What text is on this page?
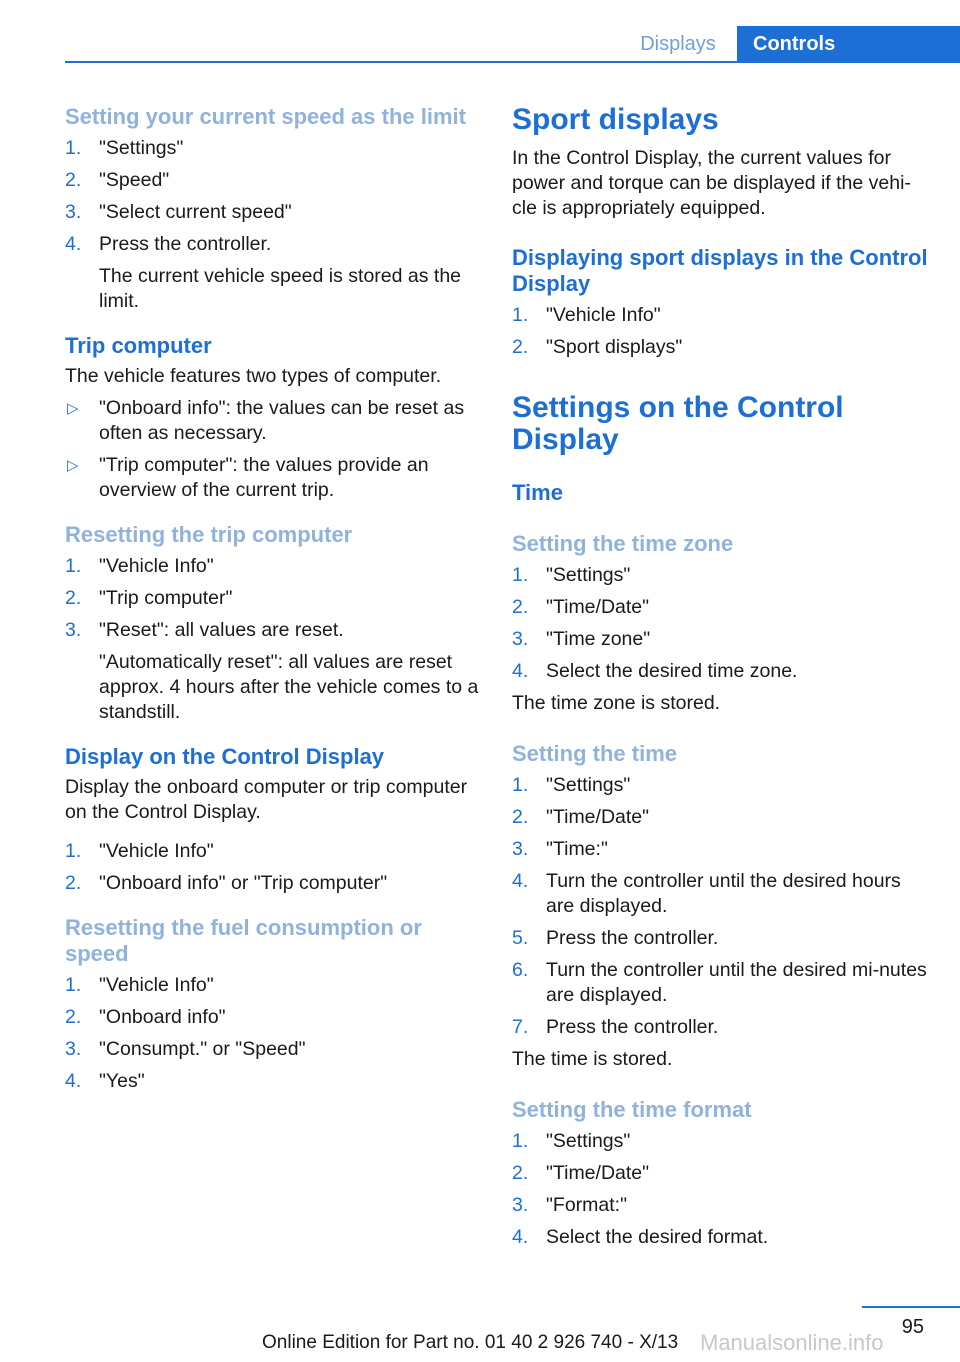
Displays	Controls
Setting your current speed as the limit
1. "Settings"
2. "Speed"
3. "Select current speed"
4. Press the controller.
The current vehicle speed is stored as the limit.
Trip computer

The vehicle features two types of computer.

▷ "Onboard info": the values can be reset as often as necessary.
▷ "Trip computer": the values provide an overview of the current trip.
Resetting the trip computer
1. "Vehicle Info"
2. "Trip computer"
3. "Reset": all values are reset.
"Automatically reset": all values are reset approx. 4 hours after the vehicle comes to a standstill.
Display on the Control Display

Display the onboard computer or trip computer on the Control Display.

1. "Vehicle Info"
2. "Onboard info" or "Trip computer"
Resetting the fuel consumption or speed
1. "Vehicle Info"
2. "Onboard info"
3. "Consumpt." or "Speed"
4. "Yes"
Sport displays

In the Control Display, the current values for power and torque can be displayed if the vehi-cle is appropriately equipped.

Displaying sport displays in the Control Display
1. "Vehicle Info"
2. "Sport displays"
Settings on the Control Display
Time
Setting the time zone
1. "Settings"
2. "Time/Date"
3. "Time zone"
4. Select the desired time zone.

The time zone is stored.

Setting the time
1. "Settings"
2. "Time/Date"
3. "Time:"
4. Turn the controller until the desired hours are displayed.
5. Press the controller.
6. Turn the controller until the desired mi-nutes are displayed.
7. Press the controller.

The time is stored.

Setting the time format
1. "Settings"
2. "Time/Date"
3. "Format:"
4. Select the desired format.
95
Online Edition for Part no. 01 40 2 926 740 - X/13 Manualsonline.info
